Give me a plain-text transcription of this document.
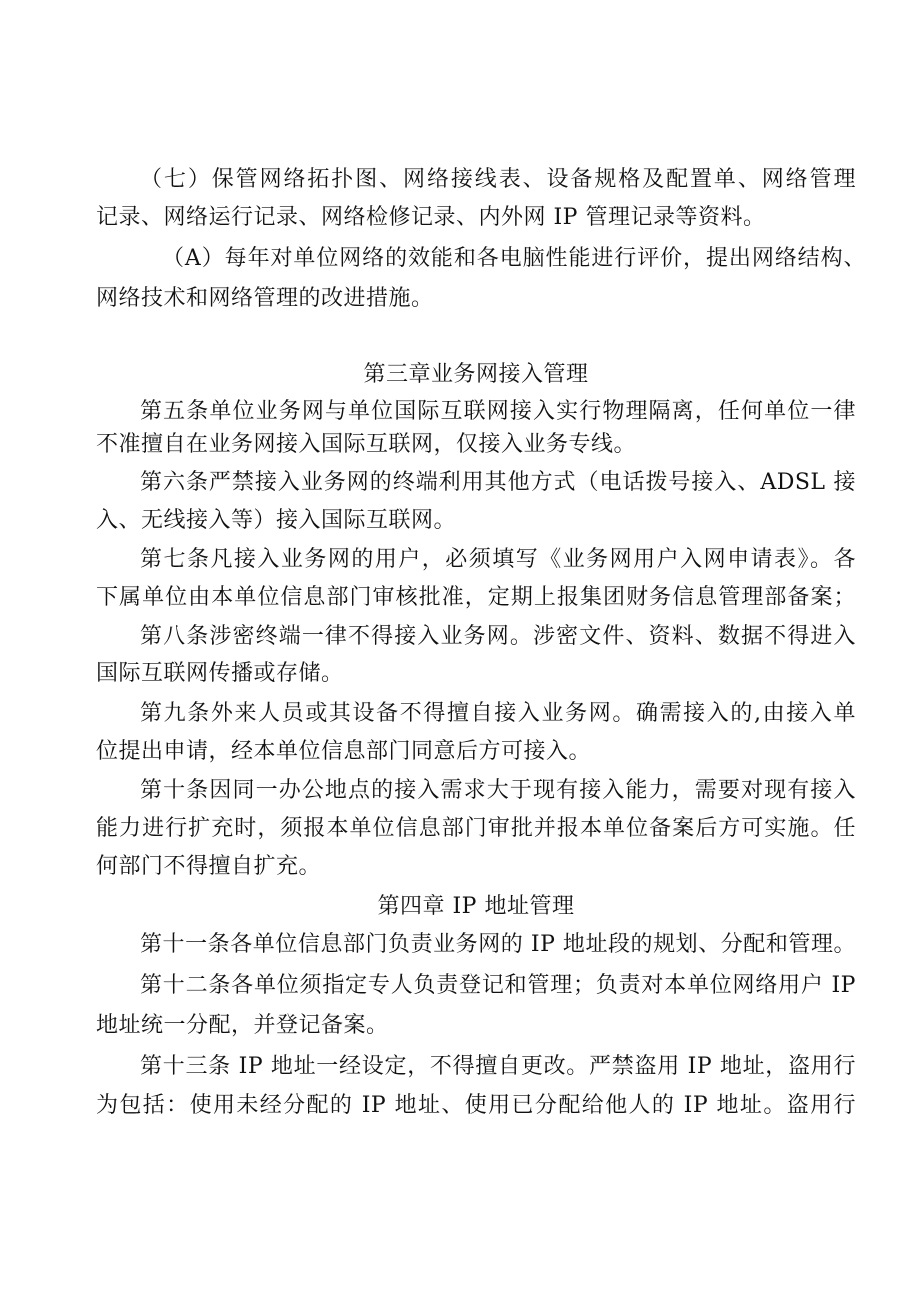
（七）保管网络拓扑图、网络接线表、设备规格及配置单、网络管理
记录、网络运行记录、网络检修记录、内外网 IP 管理记录等资料。
（A）每年对单位网络的效能和各电脑性能进行评价，提出网络结构、
网络技术和网络管理的改进措施。
第三章业务网接入管理
第五条单位业务网与单位国际互联网接入实行物理隔离，任何单位一律
不准擅自在业务网接入国际互联网，仅接入业务专线。
第六条严禁接入业务网的终端利用其他方式（电话拨号接入、ADSL 接
入、无线接入等）接入国际互联网。
第七条凡接入业务网的用户，必须填写《业务网用户入网申请表》。各
下属单位由本单位信息部门审核批准，定期上报集团财务信息管理部备案；
第八条涉密终端一律不得接入业务网。涉密文件、资料、数据不得进入
国际互联网传播或存储。
第九条外来人员或其设备不得擅自接入业务网。确需接入的,由接入单
位提出申请，经本单位信息部门同意后方可接入。
第十条因同一办公地点的接入需求大于现有接入能力，需要对现有接入
能力进行扩充时，须报本单位信息部门审批并报本单位备案后方可实施。任
何部门不得擅自扩充。
第四章 IP 地址管理
第十一条各单位信息部门负责业务网的 IP 地址段的规划、分配和管理。
第十二条各单位须指定专人负责登记和管理；负责对本单位网络用户 IP
地址统一分配，并登记备案。
第十三条 IP 地址一经设定，不得擅自更改。严禁盗用 IP 地址，盗用行
为包括：使用未经分配的 IP 地址、使用已分配给他人的 IP 地址。盗用行
